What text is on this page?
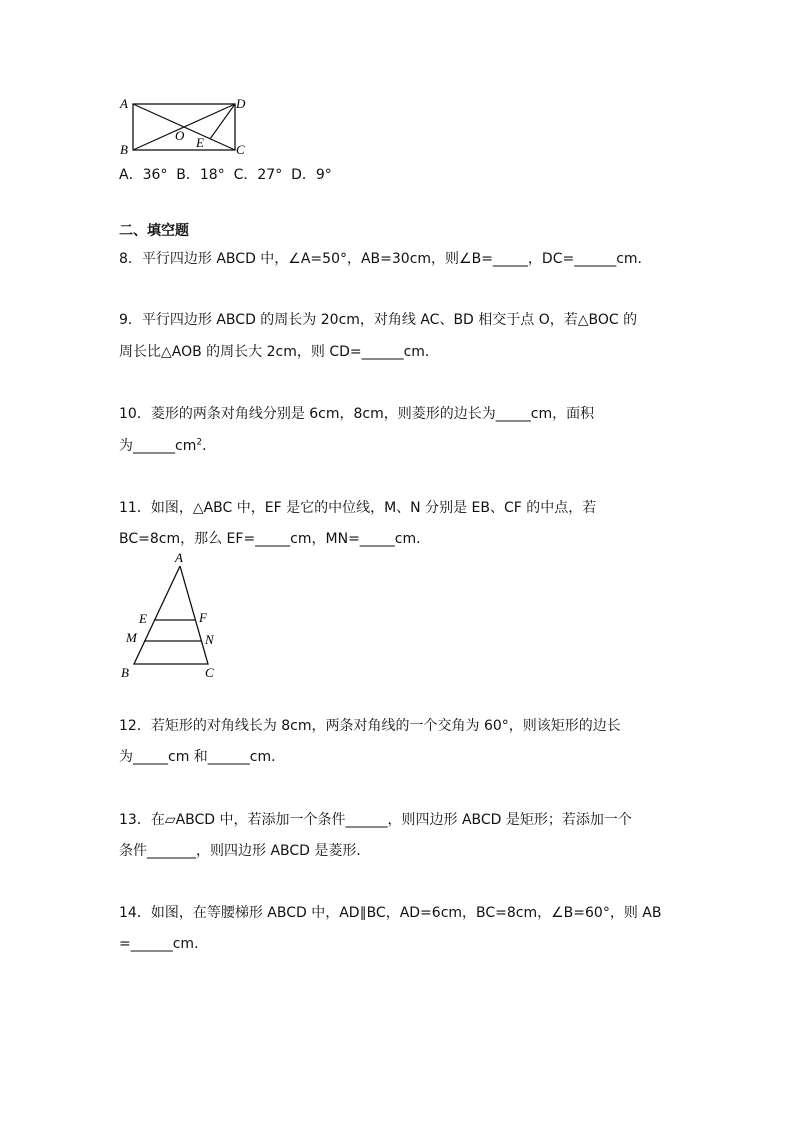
A	D
B	C
O E
A．36°  B．18°  C．27°  D．9°
二、填空题
8．平行四边形 ABCD 中，∠A=50°，AB=30cm，则∠B=_____，DC=______cm．
9．平行四边形 ABCD 的周长为 20cm，对角线 AC、BD 相交于点 O，若△BOC 的
周长比△AOB 的周长大 2cm，则 CD=______cm．
10．菱形的两条对角线分别是 6cm，8cm，则菱形的边长为_____cm，面积
为$\_\_\_\_\_\_cm^2$．
11．如图，△ABC 中，EF 是它的中位线，M、N 分别是 EB、CF 的中点，若
BC=8cm，那么 EF=_____cm，MN=_____cm．
A
E	F
M	N
B	C
12．若矩形的对角线长为 8cm，两条对角线的一个交角为 60°，则该矩形的边长
为_____cm 和______cm．
13．在▱ABCD 中，若添加一个条件______，则四边形 ABCD 是矩形；若添加一个
条件_______，则四边形 ABCD 是菱形．
14．如图，在等腰梯形 ABCD 中，AD∥BC，AD=6cm，BC=8cm，∠B=60°，则 AB
=______cm．
